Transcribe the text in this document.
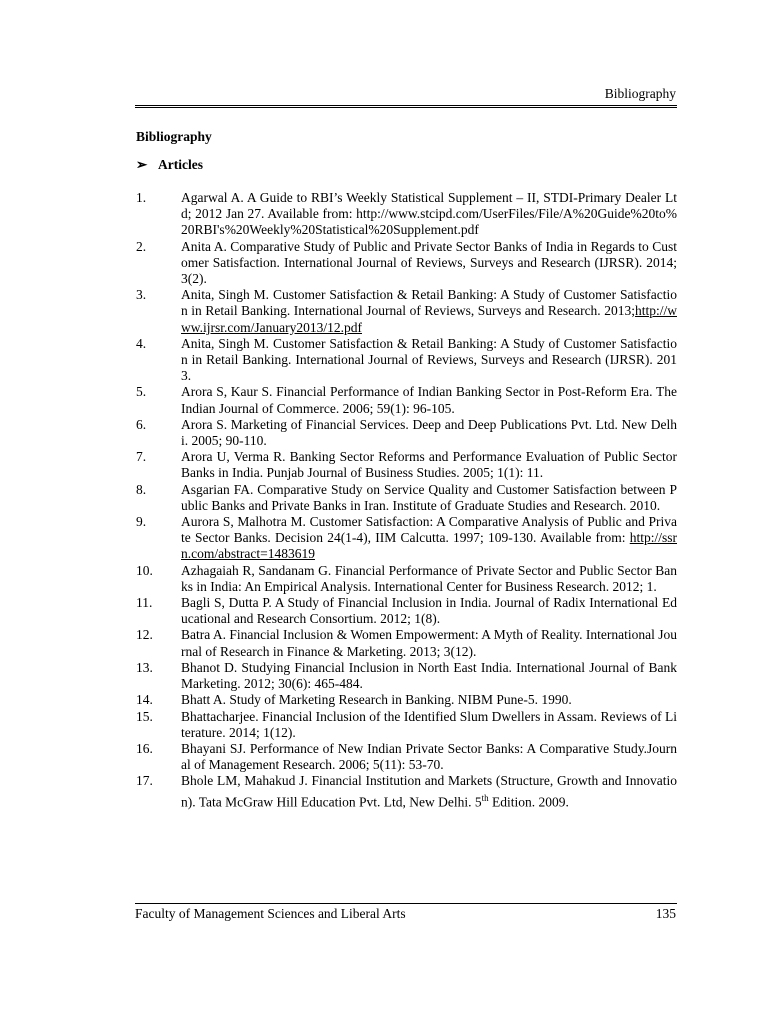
Bibliography
Bibliography
➢ Articles
1.	Agarwal A. A Guide to RBI’s Weekly Statistical Supplement – II, STDI-Primary Dealer Ltd; 2012 Jan 27. Available from: http://www.stcipd.com/UserFiles/File/A%20Guide%20to%20RBI's%20Weekly%20Statistical%20Supplement.pdf
2.	Anita A. Comparative Study of Public and Private Sector Banks of India in Regards to Customer Satisfaction. International Journal of Reviews, Surveys and Research (IJRSR). 2014; 3(2).
3.	Anita, Singh M. Customer Satisfaction & Retail Banking: A Study of Customer Satisfaction in Retail Banking. International Journal of Reviews, Surveys and Research. 2013;http://www.ijrsr.com/January2013/12.pdf
4.	Anita, Singh M. Customer Satisfaction & Retail Banking: A Study of Customer Satisfaction in Retail Banking. International Journal of Reviews, Surveys and Research (IJRSR). 2013.
5.	Arora S, Kaur S. Financial Performance of Indian Banking Sector in Post-Reform Era. The Indian Journal of Commerce. 2006; 59(1): 96-105.
6.	Arora S. Marketing of Financial Services. Deep and Deep Publications Pvt. Ltd. New Delhi. 2005; 90-110.
7.	Arora U, Verma R. Banking Sector Reforms and Performance Evaluation of Public Sector Banks in India. Punjab Journal of Business Studies. 2005; 1(1): 11.
8.	Asgarian FA. Comparative Study on Service Quality and Customer Satisfaction between Public Banks and Private Banks in Iran. Institute of Graduate Studies and Research. 2010.
9.	Aurora S, Malhotra M. Customer Satisfaction: A Comparative Analysis of Public and Private Sector Banks. Decision 24(1-4), IIM Calcutta. 1997; 109-130. Available from: http://ssrn.com/abstract=1483619
10.	Azhagaiah R, Sandanam G. Financial Performance of Private Sector and Public Sector Banks in India: An Empirical Analysis. International Center for Business Research. 2012; 1.
11.	Bagli S, Dutta P. A Study of Financial Inclusion in India. Journal of Radix International Educational and Research Consortium. 2012; 1(8).
12.	Batra A. Financial Inclusion & Women Empowerment: A Myth of Reality. International Journal of Research in Finance & Marketing. 2013; 3(12).
13.	Bhanot D. Studying Financial Inclusion in North East India. International Journal of Bank Marketing. 2012; 30(6): 465-484.
14.	Bhatt A. Study of Marketing Research in Banking. NIBM Pune-5. 1990.
15.	Bhattacharjee. Financial Inclusion of the Identified Slum Dwellers in Assam. Reviews of Literature. 2014; 1(12).
16.	Bhayani SJ. Performance of New Indian Private Sector Banks: A Comparative Study.Journal of Management Research. 2006; 5(11): 53-70.
17.	Bhole LM, Mahakud J. Financial Institution and Markets (Structure, Growth and Innovation). Tata McGraw Hill Education Pvt. Ltd, New Delhi. 5th Edition. 2009.
Faculty of Management Sciences and Liberal Arts	135
